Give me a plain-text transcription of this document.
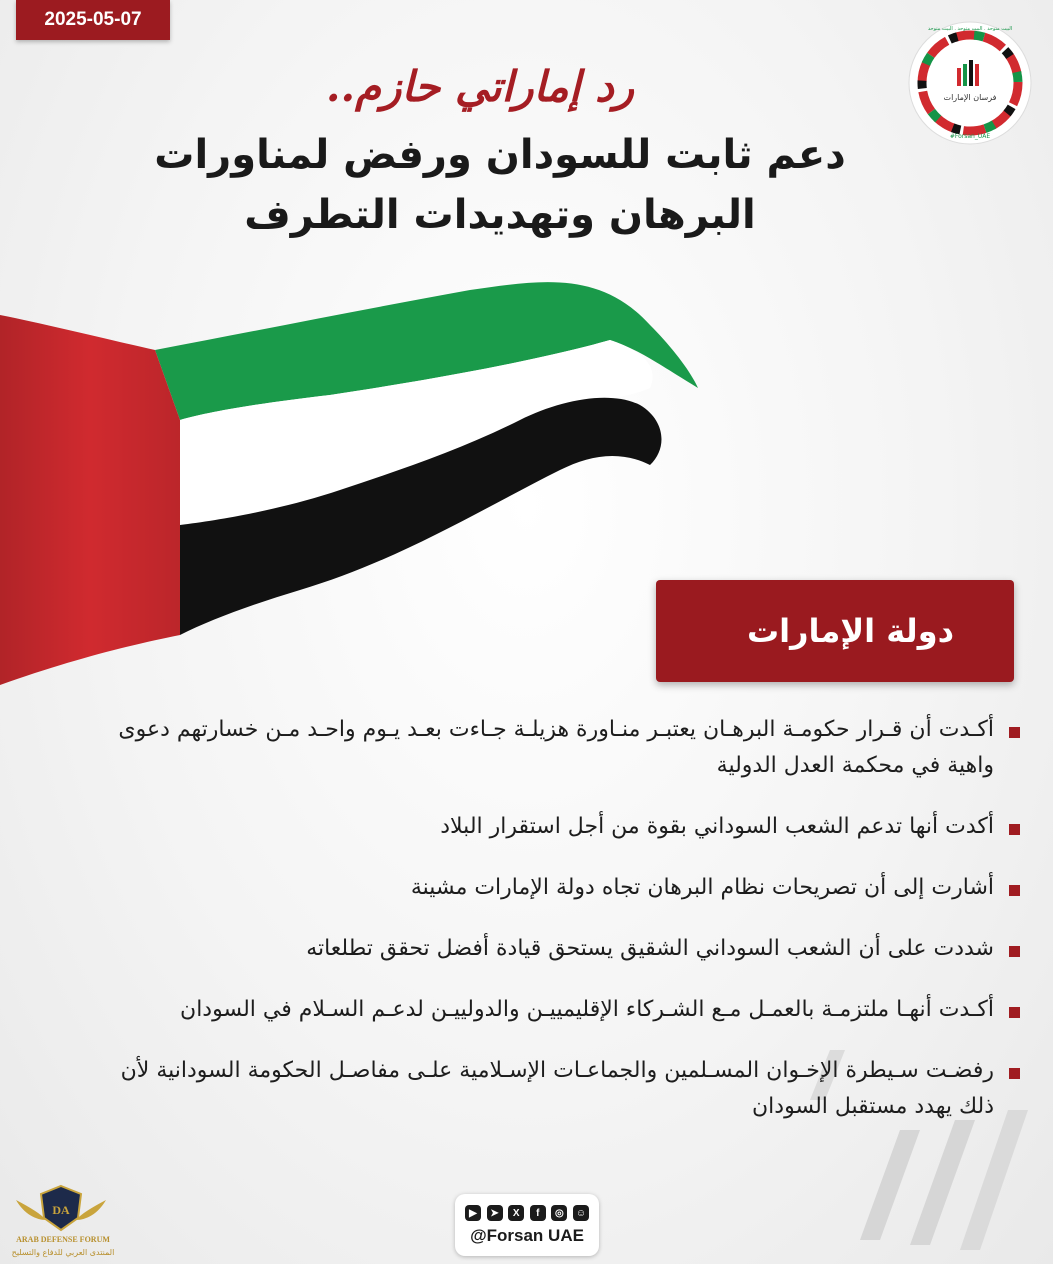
2025-05-07
فرسان الإمارات
#Forsan_UAE
البيت متوحد . البيت متوحد . البيت متوحد
رد إماراتي حازم..
دعم ثابت للسودان ورفض لمناورات
البرهان وتهديدات التطرف
دولة الإمارات
أكـدت أن قـرار حكومـة البرهـان يعتبـر منـاورة هزيلـة جـاءت بعـد يـوم واحـد مـن خسارتهم دعوى واهية في محكمة العدل الدولية
أكدت أنها تدعم الشعب السوداني بقوة من أجل استقرار البلاد
أشارت إلى أن تصريحات نظام البرهان تجاه دولة الإمارات مشينة
شددت على أن الشعب السوداني الشقيق يستحق قيادة أفضل تحقق تطلعاته
أكـدت أنهـا ملتزمـة بالعمـل مـع الشـركاء الإقليمييـن والدولييـن لدعـم السـلام في السودان
رفضـت سـيطرة الإخـوان المسـلمين والجماعـات الإسـلامية علـى مفاصـل الحكومة السودانية لأن ذلك يهدد مستقبل السودان
DA
ARAB DEFENSE FORUM
المنتدى العربي للدفاع والتسليح
▶	➤	X	f	◎	☺
@Forsan UAE
